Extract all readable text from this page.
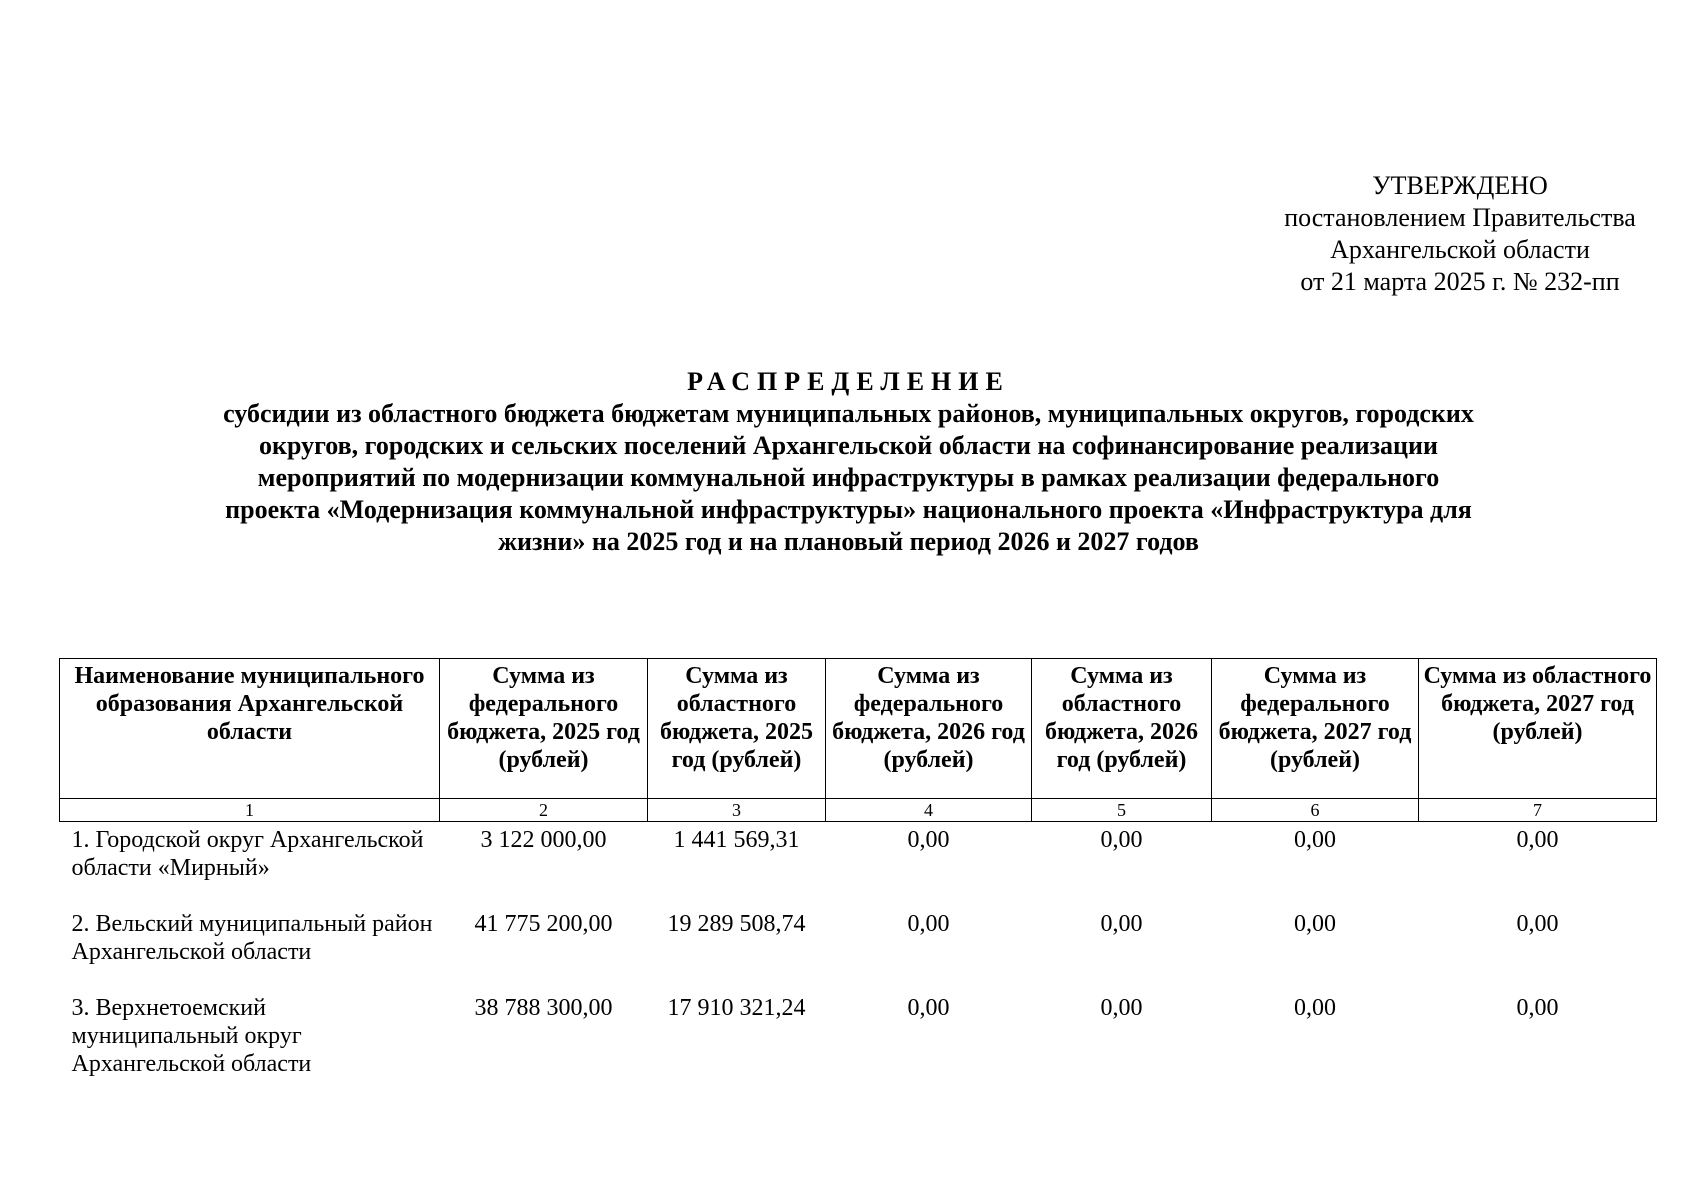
УТВЕРЖДЕНО
постановлением Правительства
Архангельской области
от 21 марта 2025 г. № 232-пп
РАСПРЕДЕЛЕНИЕ
субсидии из областного бюджета бюджетам муниципальных районов, муниципальных округов, городских округов, городских и сельских поселений Архангельской области на софинансирование реализации мероприятий по модернизации коммунальной инфраструктуры в рамках реализации федерального проекта «Модернизация коммунальной инфраструктуры» национального проекта «Инфраструктура для жизни» на 2025 год и на плановый период 2026 и 2027 годов
Наименование муниципального образования Архангельской области	Сумма из федерального бюджета, 2025 год (рублей)	Сумма из областного бюджета, 2025 год (рублей)	Сумма из федерального бюджета, 2026 год (рублей)	Сумма из областного бюджета, 2026 год (рублей)	Сумма из федерального бюджета, 2027 год (рублей)	Сумма из областного бюджета, 2027 год (рублей)
1	2	3	4	5	6	7
1. Городской округ Архангельской области «Мирный»	3 122 000,00	1 441 569,31	0,00	0,00	0,00	0,00
2. Вельский муниципальный район Архангельской области	41 775 200,00	19 289 508,74	0,00	0,00	0,00	0,00
3. Верхнетоемский муниципальный округ Архангельской области	38 788 300,00	17 910 321,24	0,00	0,00	0,00	0,00
